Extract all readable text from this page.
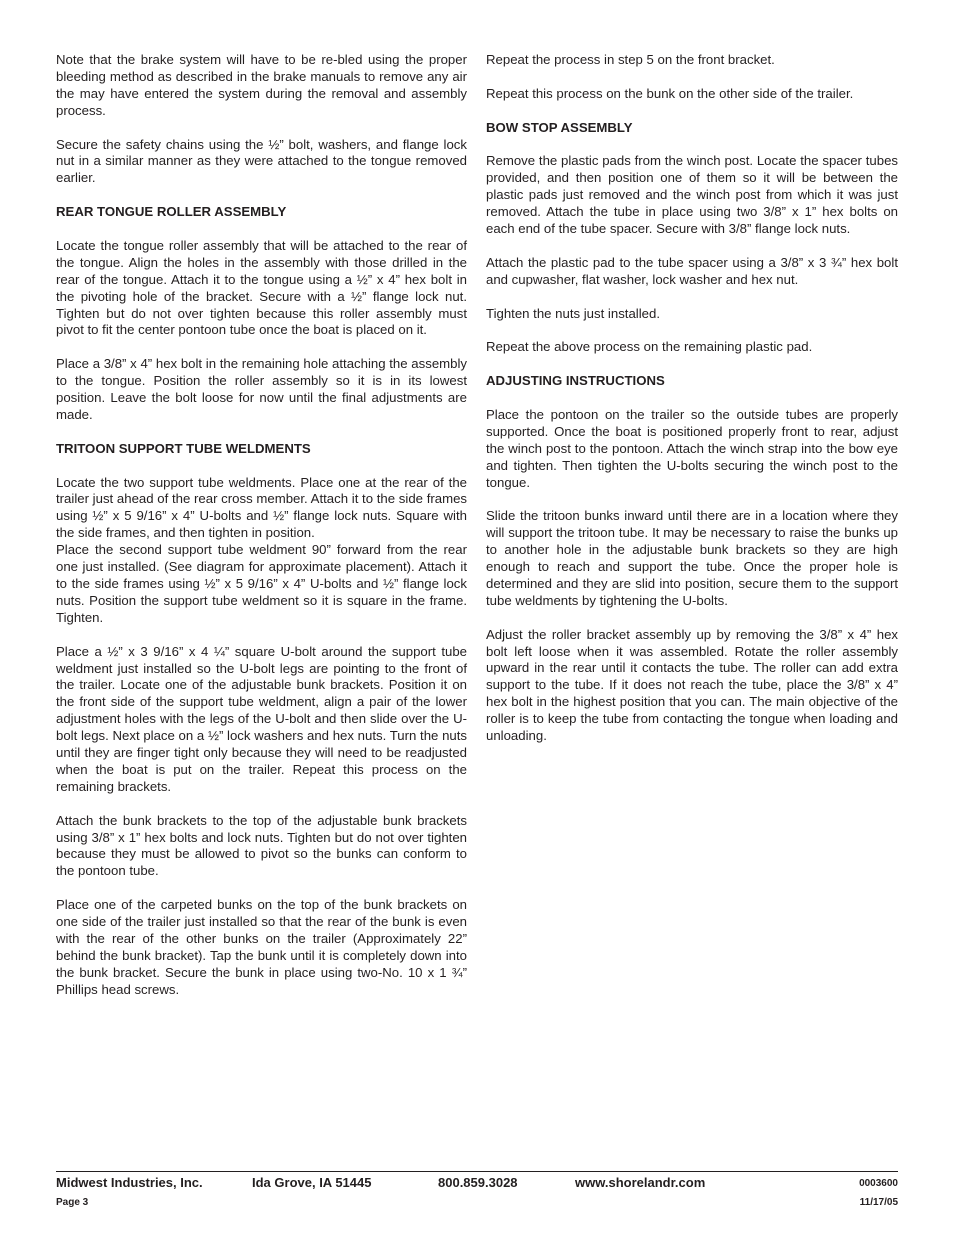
Note that the brake system will have to be re-bled using the proper bleeding method as described in the brake manuals to remove any air the may have entered the system during the removal and assembly process.

Secure the safety chains using the ½” bolt, washers, and flange lock nut in a similar manner as they were attached to the tongue removed earlier.

REAR TONGUE ROLLER ASSEMBLY

Locate the tongue roller assembly that will be attached to the rear of the tongue. Align the holes in the assembly with those drilled in the rear of the tongue. Attach it to the tongue using a ½” x 4” hex bolt in the pivoting hole of the bracket. Secure with a ½” flange lock nut. Tighten but do not over tighten because this roller assembly must pivot to fit the center pontoon tube once the boat is placed on it.

Place a 3/8” x 4” hex bolt in the remaining hole attaching the assembly to the tongue. Position the roller assembly so it is in its lowest position. Leave the bolt loose for now until the final adjustments are made.

TRITOON SUPPORT TUBE WELDMENTS

Locate the two support tube weldments. Place one at the rear of the trailer just ahead of the rear cross member. Attach it to the side frames using ½” x 5 9/16” x 4” U-bolts and ½” flange lock nuts. Square with the side frames, and then tighten in position.

Place the second support tube weldment 90” forward from the rear one just installed. (See diagram for approximate placement). Attach it to the side frames using ½” x 5 9/16” x 4” U-bolts and ½” flange lock nuts. Position the support tube weldment so it is square in the frame. Tighten.

Place a ½” x 3 9/16” x 4 ¼” square U-bolt around the support tube weldment just installed so the U-bolt legs are pointing to the front of the trailer. Locate one of the adjustable bunk brackets. Position it on the front side of the support tube weldment, align a pair of the lower adjustment holes with the legs of the U-bolt and then slide over the U-bolt legs. Next place on a ½” lock washers and hex nuts. Turn the nuts until they are finger tight only because they will need to be readjusted when the boat is put on the trailer. Repeat this process on the remaining brackets.

Attach the bunk brackets to the top of the adjustable bunk brackets using 3/8” x 1” hex bolts and lock nuts. Tighten but do not over tighten because they must be allowed to pivot so the bunks can conform to the pontoon tube.

Place one of the carpeted bunks on the top of the bunk brackets on one side of the trailer just installed so that the rear of the bunk is even with the rear of the other bunks on the trailer (Approximately 22” behind the bunk bracket). Tap the bunk until it is completely down into the bunk bracket. Secure the bunk in place using two-No. 10 x 1 ¾” Phillips head screws.

Repeat the process in step 5 on the front bracket.

Repeat this process on the bunk on the other side of the trailer.

BOW STOP ASSEMBLY

Remove the plastic pads from the winch post. Locate the spacer tubes provided, and then position one of them so it will be between the plastic pads just removed and the winch post from which it was just removed. Attach the tube in place using two 3/8” x 1” hex bolts on each end of the tube spacer. Secure with 3/8” flange lock nuts.

Attach the plastic pad to the tube spacer using a 3/8” x 3 ¾” hex bolt and cupwasher, flat washer, lock washer and hex nut.

Tighten the nuts just installed.

Repeat the above process on the remaining plastic pad.

ADJUSTING INSTRUCTIONS

Place the pontoon on the trailer so the outside tubes are properly supported. Once the boat is positioned properly front to rear, adjust the winch post to the pontoon. Attach the winch strap into the bow eye and tighten. Then tighten the U-bolts securing the winch post to the tongue.

Slide the tritoon bunks inward until there are in a location where they will support the tritoon tube. It may be necessary to raise the bunks up to another hole in the adjustable bunk brackets so they are high enough to reach and support the tube. Once the proper hole is determined and they are slid into position, secure them to the support tube weldments by tightening the U-bolts.

Adjust the roller bracket assembly up by removing the 3/8” x 4” hex bolt left loose when it was assembled. Rotate the roller assembly upward in the rear until it contacts the tube. The roller can add extra support to the tube. If it does not reach the tube, place the 3/8” x 4” hex bolt in the highest position that you can. The main objective of the roller is to keep the tube from contacting the tongue when loading and unloading.

Midwest Industries, Inc.	Ida Grove, IA 51445	800.859.3028	www.shorelandr.com	0003600
Page 3	11/17/05
